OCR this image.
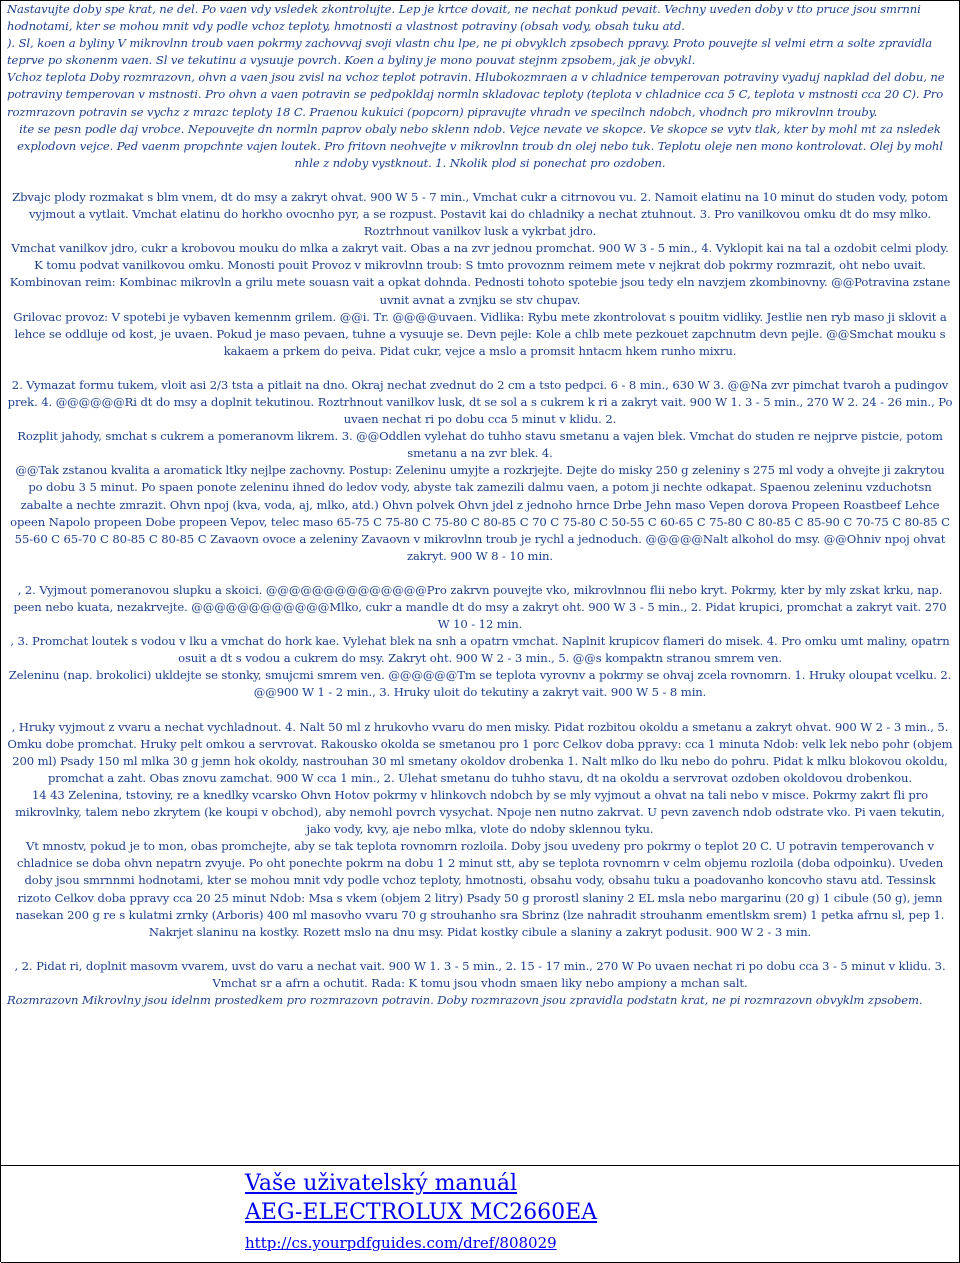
Nastavujte doby spe krat, ne del. Po vaen vdy vsledek zkontrolujte. Lep je krtce dovait, ne nechat ponkud pevait. Vechny uveden doby v tto pruce jsou smrnni hodnotami, kter se mohou mnit vdy podle vchoz teploty, hmotnosti a vlastnost potraviny (obsah vody, obsah tuku atd.

). Sl, koen a byliny V mikrovlnn troub vaen pokrmy zachovvaj svoji vlastn chu lpe, ne pi obvyklch zpsobech ppravy. Proto pouvejte sl velmi etrn a solte zpravidla teprve po skonenm vaen. Sl ve tekutinu a vysuuje povrch. Koen a byliny je mono pouvat stejnm zpsobem, jak je obvykl.

Vchoz teplota Doby rozmrazovn, ohvn a vaen jsou zvisl na vchoz teplot potravin. Hlubokozmraen a v chladnice temperovan potraviny vyaduj napklad del dobu, ne potraviny temperovan v mstnosti. Pro ohvn a vaen potravin se pedpokldaj normln skladovac teploty (teplota v chladnice cca 5 C, teplota v mstnosti cca 20 C). Pro rozmrazovn potravin se vychz z mrazc teploty 18 C. Praenou kukuici (popcorn) pipravujte vhradn ve specilnch ndobch, vhodnch pro mikrovlnn trouby.

ite se pesn podle daj vrobce. Nepouvejte dn normln paprov obaly nebo sklenn ndob. Vejce nevate ve skopce. Ve skopce se vytv tlak, kter by mohl mt za nsledek explodovn vejce. Ped vaenm propchnte vajen loutek. Pro fritovn neohvejte v mikrovlnn troub dn olej nebo tuk. Teplotu oleje nen mono kontrolovat. Olej by mohl nhle z ndoby vystknout. 1. Nkolik plod si ponechat pro ozdoben.

Zbvajc plody rozmakat s blm vnem, dt do msy a zakryt ohvat. 900 W 5 - 7 min., Vmchat cukr a citrnovou vu. 2. Namoit elatinu na 10 minut do studen vody, potom vyjmout a vytlait. Vmchat elatinu do horkho ovocnho pyr, a se rozpust. Postavit kai do chladniky a nechat ztuhnout. 3. Pro vanilkovou omku dt do msy mlko. Roztrhnout vanilkov lusk a vykrbat jdro.

Vmchat vanilkov jdro, cukr a krobovou mouku do mlka a zakryt vait. Obas a na zvr jednou promchat. 900 W 3 - 5 min., 4. Vyklopit kai na tal a ozdobit celmi plody.

K tomu podvat vanilkovou omku. Monosti pouit Provoz v mikrovlnn troub: S tmto provoznm reimem mete v nejkrat dob pokrmy rozmrazit, oht nebo uvait. Kombinovan reim: Kombinac mikrovln a grilu mete souasn vait a opkat dohnda. Pednosti tohoto spotebie jsou tedy eln navzjem zkombinovny. @@Potravina zstane uvnit avnat a zvnjku se stv chupav.

Grilovac provoz: V spotebi je vybaven kemennm grilem. @@i. Tr. @@@@uvaen. Vidlika: Rybu mete zkontrolovat s pouitm vidliky. Jestlie nen ryb maso ji sklovit a lehce se oddluje od kost, je uvaen. Pokud je maso pevaen, tuhne a vysuuje se. Devn pejle: Kole a chlb mete pezkouet zapchnutm devn pejle. @@Smchat mouku s kakaem a prkem do peiva. Pidat cukr, vejce a mslo a promsit hntacm hkem runho mixru.

2. Vymazat formu tukem, vloit asi 2/3 tsta a pitlait na dno. Okraj nechat zvednut do 2 cm a tsto pedpci. 6 - 8 min., 630 W 3. @@Na zvr pimchat tvaroh a pudingov prek. 4. @@@@@@Ri dt do msy a doplnit tekutinou. Roztrhnout vanilkov lusk, dt se sol a s cukrem k ri a zakryt vait. 900 W 1. 3 - 5 min., 270 W 2. 24 - 26 min., Po uvaen nechat ri po dobu cca 5 minut v klidu. 2.

Rozplit jahody, smchat s cukrem a pomeranovm likrem. 3. @@Oddlen vylehat do tuhho stavu smetanu a vajen blek. Vmchat do studen re nejprve pistcie, potom smetanu a na zvr blek. 4.

@@Tak zstanou kvalita a aromatick ltky nejlpe zachovny. Postup: Zeleninu umyjte a rozkrjejte. Dejte do misky 250 g zeleniny s 275 ml vody a ohvejte ji zakrytou po dobu 3 5 minut. Po spaen ponote zeleninu ihned do ledov vody, abyste tak zamezili dalmu vaen, a potom ji nechte odkapat. Spaenou zeleninu vzduchotsn zabalte a nechte zmrazit. Ohvn npoj (kva, voda, aj, mlko, atd.) Ohvn polvek Ohvn jdel z jednoho hrnce Drbe Jehn maso Vepen dorova Propeen Roastbeef Lehce opeen Napolo propeen Dobe propeen Vepov, telec maso 65-75 C 75-80 C 75-80 C 80-85 C 70 C 75-80 C 50-55 C 60-65 C 75-80 C 80-85 C 85-90 C 70-75 C 80-85 C 55-60 C 65-70 C 80-85 C 80-85 C Zavaovn ovoce a zeleniny Zavaovn v mikrovlnn troub je rychl a jednoduch. @@@@@Nalt alkohol do msy. @@Ohniv npoj ohvat zakryt. 900 W 8 - 10 min.

, 2. Vyjmout pomeranovou slupku a skoici. @@@@@@@@@@@@@@Pro zakrvn pouvejte vko, mikrovlnnou flii nebo kryt. Pokrmy, kter by mly zskat krku, nap. peen nebo kuata, nezakrvejte. @@@@@@@@@@@@Mlko, cukr a mandle dt do msy a zakryt oht. 900 W 3 - 5 min., 2. Pidat krupici, promchat a zakryt vait. 270 W 10 - 12 min.

, 3. Promchat loutek s vodou v lku a vmchat do hork kae. Vylehat blek na snh a opatrn vmchat. Naplnit krupicov flameri do misek. 4. Pro omku umt maliny, opatrn osuit a dt s vodou a cukrem do msy. Zakryt oht. 900 W 2 - 3 min., 5. @@s kompaktn stranou smrem ven.

Zeleninu (nap. brokolici) ukldejte se stonky, smujcmi smrem ven. @@@@@@Tm se teplota vyrovnv a pokrmy se ohvaj zcela rovnomrn. 1. Hruky oloupat vcelku. 2. @@900 W 1 - 2 min., 3. Hruky uloit do tekutiny a zakryt vait. 900 W 5 - 8 min.

, Hruky vyjmout z vvaru a nechat vychladnout. 4. Nalt 50 ml z hrukovho vvaru do men misky. Pidat rozbitou okoldu a smetanu a zakryt ohvat. 900 W 2 - 3 min., 5. Omku dobe promchat. Hruky pelt omkou a servrovat. Rakousko okolda se smetanou pro 1 porc Celkov doba ppravy: cca 1 minuta Ndob: velk lek nebo pohr (objem 200 ml) Psady 150 ml mlka 30 g jemn hok okoldy, nastrouhan 30 ml smetany okoldov drobenka 1. Nalt mlko do lku nebo do pohru. Pidat k mlku blokovou okoldu, promchat a zaht. Obas znovu zamchat. 900 W cca 1 min., 2. Ulehat smetanu do tuhho stavu, dt na okoldu a servrovat ozdoben okoldovou drobenkou.

14 43 Zelenina, tstoviny, re a knedlky vcarsko Ohvn Hotov pokrmy v hlinkovch ndobch by se mly vyjmout a ohvat na tali nebo v misce. Pokrmy zakrt fli pro mikrovlnky, talem nebo zkrytem (ke koupi v obchod), aby nemohl povrch vysychat. Npoje nen nutno zakrvat. U pevn zavench ndob odstrate vko. Pi vaen tekutin, jako vody, kvy, aje nebo mlka, vlote do ndoby sklennou tyku.

Vt mnostv, pokud je to mon, obas promchejte, aby se tak teplota rovnomrn rozloila. Doby jsou uvedeny pro pokrmy o teplot 20 C. U potravin temperovanch v chladnice se doba ohvn nepatrn zvyuje. Po oht ponechte pokrm na dobu 1 2 minut stt, aby se teplota rovnomrn v celm objemu rozloila (doba odpoinku). Uveden doby jsou smrnnmi hodnotami, kter se mohou mnit vdy podle vchoz teploty, hmotnosti, obsahu vody, obsahu tuku a poadovanho koncovho stavu atd. Tessinsk rizoto Celkov doba ppravy cca 20 25 minut Ndob: Msa s vkem (objem 2 litry) Psady 50 g prorostl slaniny 2 EL msla nebo margarinu (20 g) 1 cibule (50 g), jemn nasekan 200 g re s kulatmi zrnky (Arboris) 400 ml masovho vvaru 70 g strouhanho sra Sbrinz (lze nahradit strouhanm ementlskm srem) 1 petka afrnu sl, pep 1. Nakrjet slaninu na kostky. Rozett mslo na dnu msy. Pidat kostky cibule a slaniny a zakryt podusit. 900 W 2 - 3 min.

, 2. Pidat ri, doplnit masovm vvarem, uvst do varu a nechat vait. 900 W 1. 3 - 5 min., 2. 15 - 17 min., 270 W Po uvaen nechat ri po dobu cca 3 - 5 minut v klidu. 3. Vmchat sr a afrn a ochutit. Rada: K tomu jsou vhodn smaen liky nebo ampiony a mchan salt.

Rozmrazovn Mikrovlny jsou idelnm prostedkem pro rozmrazovn potravin. Doby rozmrazovn jsou zpravidla podstatn krat, ne pi rozmrazovn obvyklm zpsobem.

Vaše uživatelský manuál
AEG-ELECTROLUX MC2660EA
http://cs.yourpdfguides.com/dref/808029
